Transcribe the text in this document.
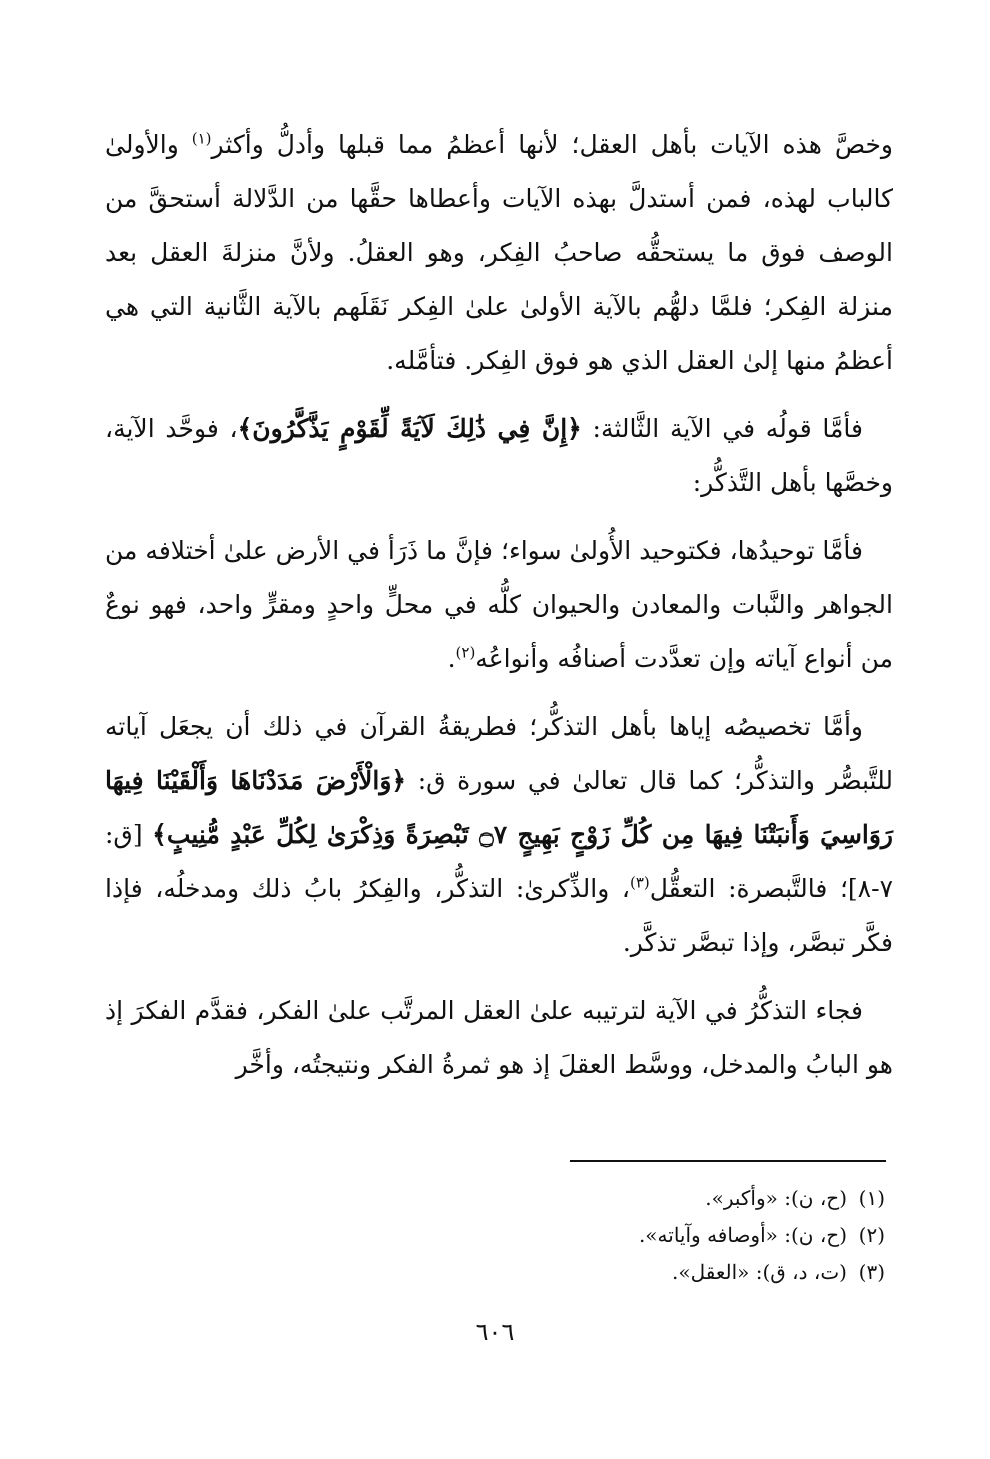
وخصَّ هذه الآيات بأهل العقل؛ لأنها أعظمُ مما قبلها وأدلُّ وأكثر$^{(١)}$ والأولىٰ كالباب لهذه، فمن أستدلَّ بهذه الآيات وأعطاها حقَّها من الدَّلالة أستحقَّ من الوصف فوق ما يستحقُّه صاحبُ الفِكر، وهو العقلُ. ولأنَّ منزلةَ العقل بعد منزلة الفِكر؛ فلمَّا دلهُّم بالآية الأولىٰ علىٰ الفِكر نَقَلَهم بالآية الثَّانية التي هي أعظمُ منها إلىٰ العقل الذي هو فوق الفِكر. فتأمَّله.

فأمَّا قولُه في الآية الثَّالثة: ﴿إِنَّ فِي ذَٰلِكَ لَآيَةً لِّقَوْمٍ يَذَّكَّرُونَ﴾، فوحَّد الآية، وخصَّها بأهل التَّذكُّر:

فأمَّا توحيدُها، فكتوحيد الأُولىٰ سواء؛ فإنَّ ما ذَرَأ في الأرض علىٰ أختلافه من الجواهر والنَّبات والمعادن والحيوان كلُّه في محلٍّ واحدٍ ومقرٍّ واحد، فهو نوعٌ من أنواع آياته وإن تعدَّدت أصنافُه وأنواعُه$^{(٢)}$.

وأمَّا تخصيصُه إياها بأهل التذكُّر؛ فطريقةُ القرآن في ذلك أن يجعَل آياته للتَّبصُّر والتذكُّر؛ كما قال تعالىٰ في سورة ق: ﴿وَالْأَرْضَ مَدَدْنَاهَا وَأَلْقَيْنَا فِيهَا رَوَاسِيَ وَأَنبَتْنَا فِيهَا مِن كُلِّ زَوْجٍ بَهِيجٍ ۝٧ تَبْصِرَةً وَذِكْرَىٰ لِكُلِّ عَبْدٍ مُّنِيبٍ﴾ [ق: ٧-٨]؛ فالتَّبصرة: التعقُّل$^{(٣)}$، والذِّكرىٰ: التذكُّر، والفِكرُ بابُ ذلك ومدخلُه، فإذا فكَّر تبصَّر، وإذا تبصَّر تذكَّر.

فجاء التذكُّرُ في الآية لترتيبه علىٰ العقل المرتَّب علىٰ الفكر، فقدَّم الفكرَ إذ هو البابُ والمدخل، ووسَّط العقلَ إذ هو ثمرةُ الفكر ونتيجتُه، وأخَّر

(١)(ح، ن): «وأكبر».
(٢)(ح، ن): «أوصافه وآياته».
(٣)(ت، د، ق): «العقل».
٦٠٦
